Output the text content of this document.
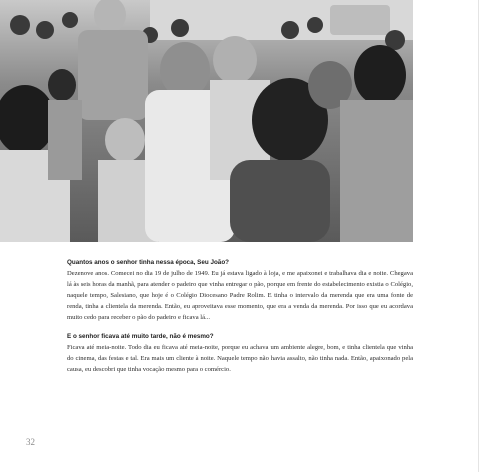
Quantos anos o senhor tinha nessa época, Seu João?

Dezenove anos. Comecei no dia 19 de julho de 1949. Eu já estava ligado à loja, e me apaixonei e trabalhava dia e noite. Chegava lá às seis horas da manhã, para atender o padeiro que vinha entregar o pão, porque em frente do estabelecimento existia o Colégio, naquele tempo, Salesiano, que hoje é o Colégio Diocesano Padre Rolim. E tinha o intervalo da merenda que era uma fonte de renda, tinha a clientela da merenda. Então, eu aproveitava esse momento, que era a venda da merenda. Por isso que eu acordava muito cedo para receber o pão do padeiro e ficava lá...

E o senhor ficava até muito tarde, não é mesmo?

Ficava até meia-noite. Todo dia eu ficava até meia-noite, porque eu achava um ambiente alegre, bom, e tinha clientela que vinha do cinema, das festas e tal. Era mais um cliente à noite. Naquele tempo não havia assalto, não tinha nada. Então, apaixonado pela causa, eu descobri que tinha vocação mesmo para o comércio.

32
